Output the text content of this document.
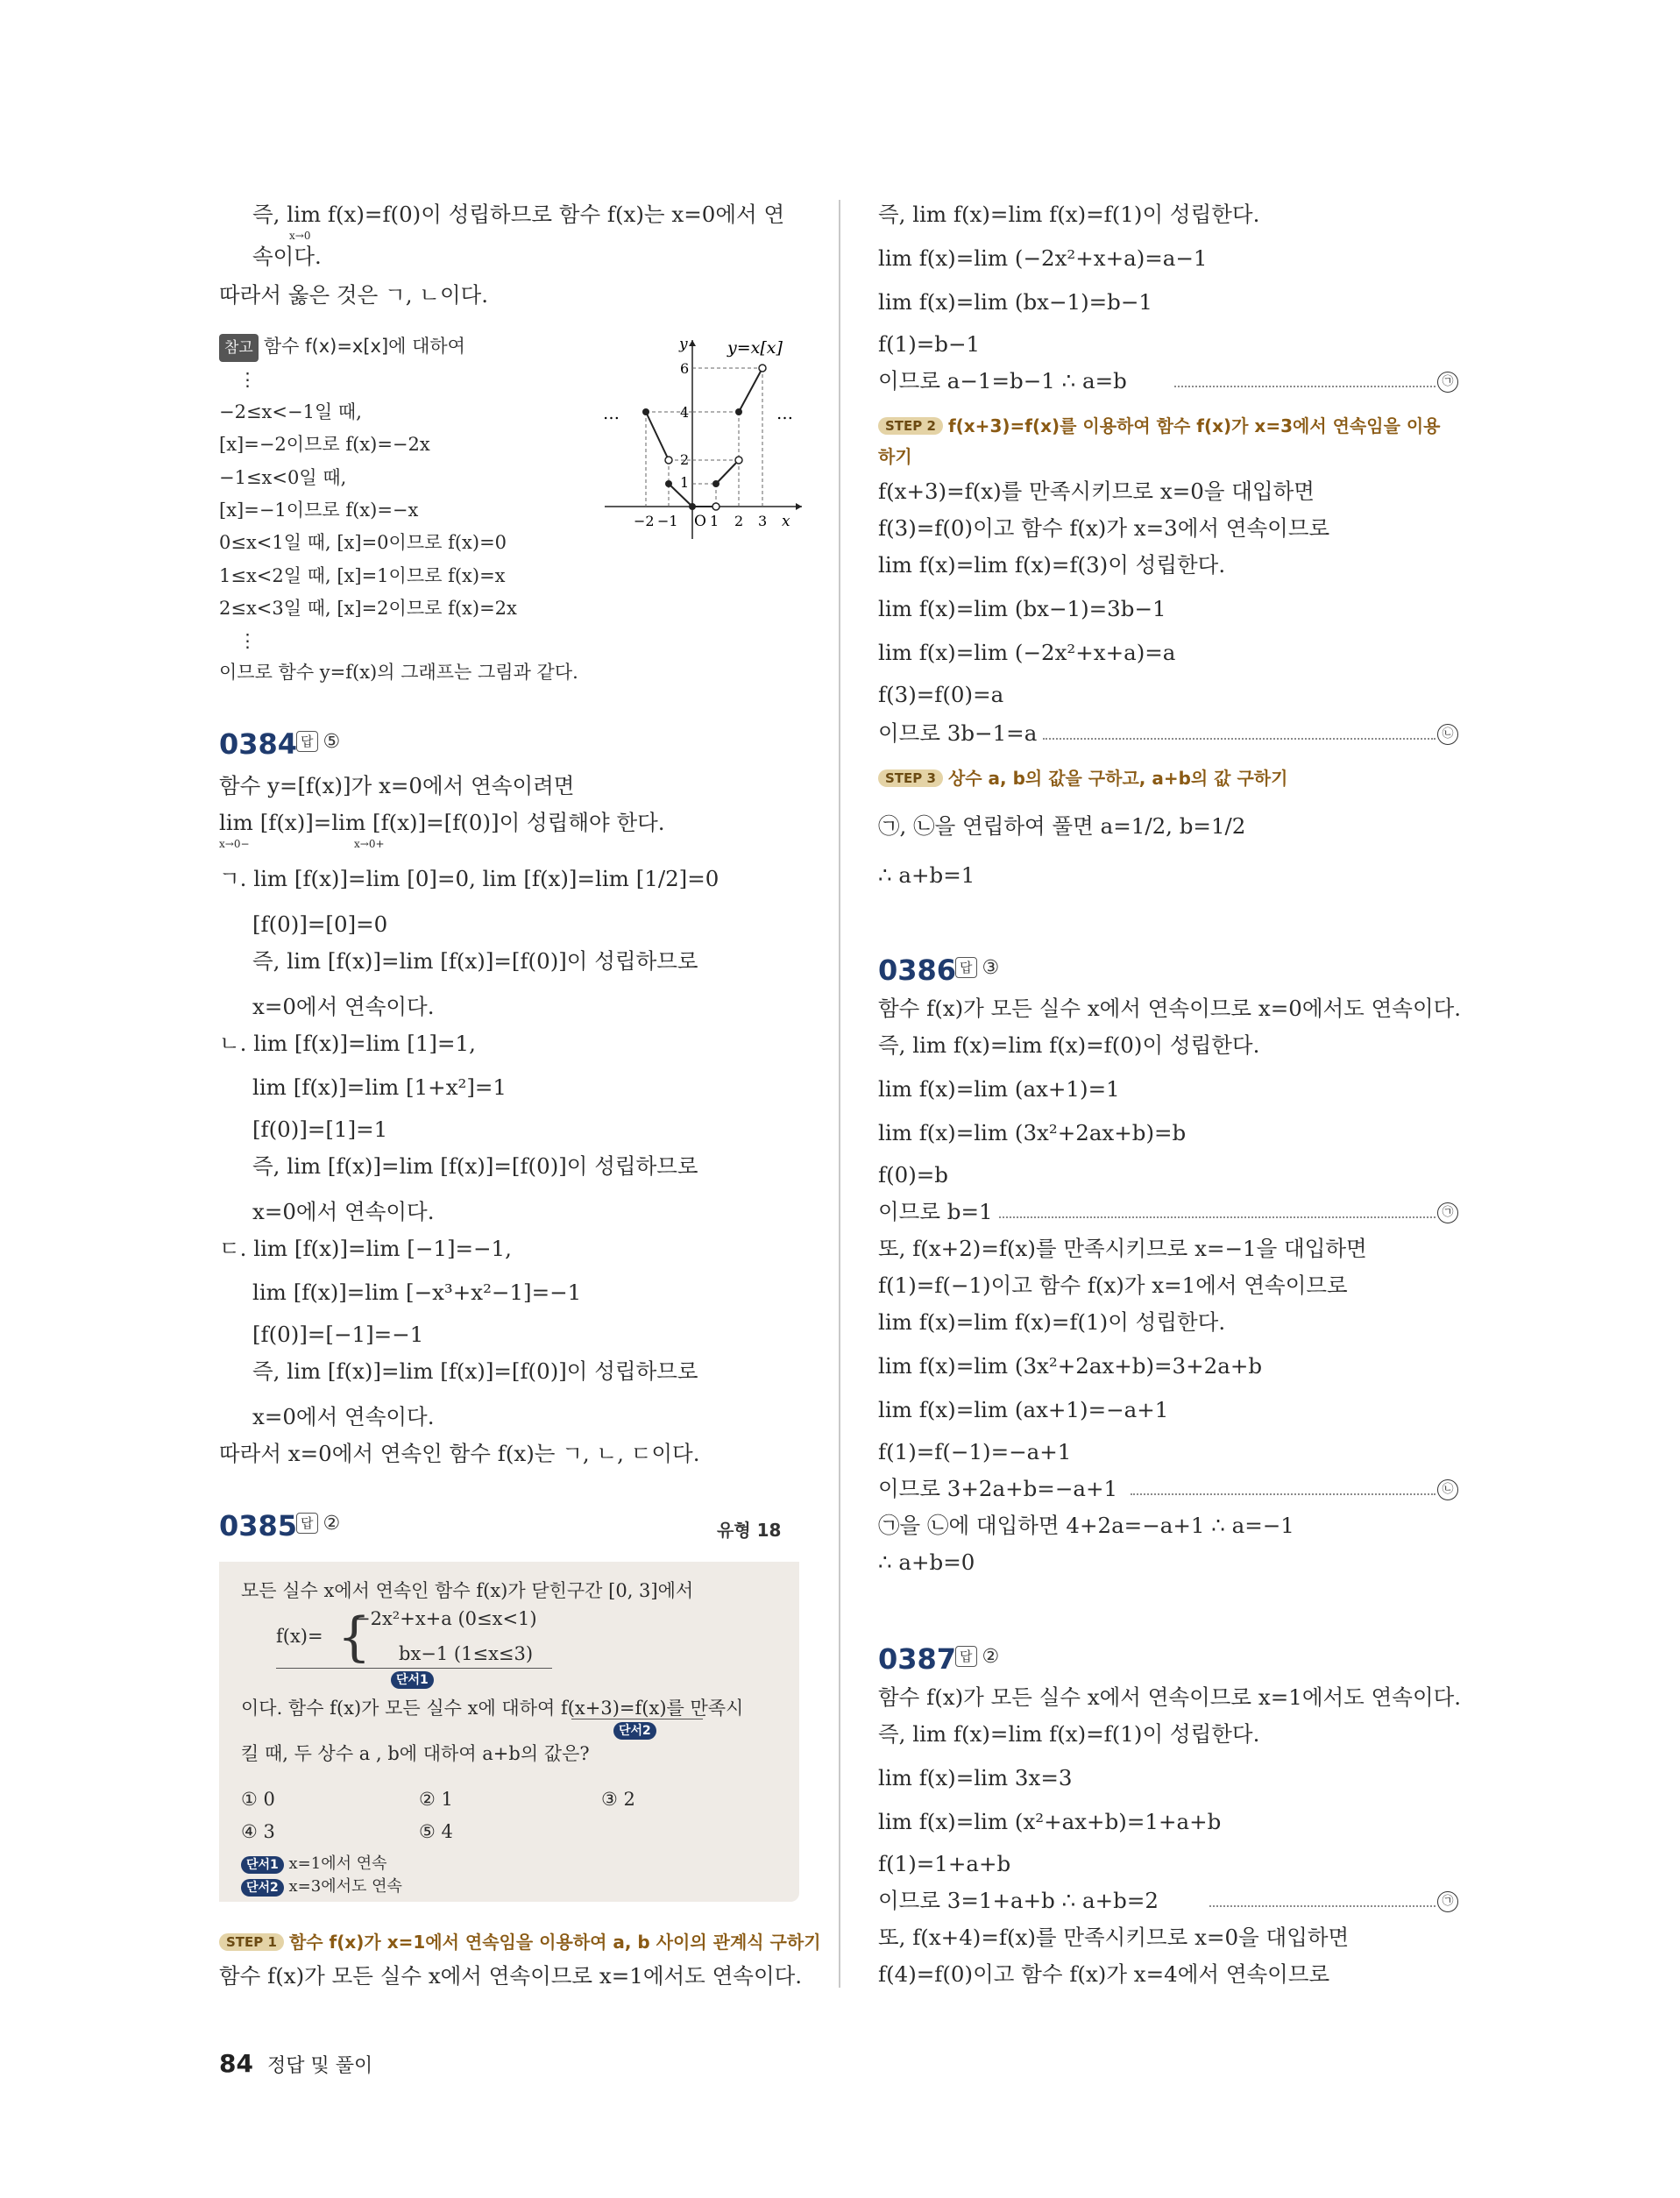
즉, lim f(x)=f(0)이 성립하므로 함수 f(x)는 x=0에서 연
x→0
속이다.
따라서 옳은 것은 ㄱ, ㄴ이다.
참고 함수 f(x)=x[x]에 대하여
⋮
−2≤x<−1일 때,
[x]=−2이므로 f(x)=−2x
−1≤x<0일 때,
[x]=−1이므로 f(x)=−x
0≤x<1일 때, [x]=0이므로 f(x)=0
1≤x<2일 때, [x]=1이므로 f(x)=x
2≤x<3일 때, [x]=2이므로 f(x)=2x
⋮
이므로 함수 y=f(x)의 그래프는 그림과 같다.
y=x[x]
y
x
O
…	…
−2 −1 1 2 3
6
4
2
1
0384 답 ⑤
함수 y=[f(x)]가 x=0에서 연속이려면
lim [f(x)]=lim [f(x)]=[f(0)]이 성립해야 한다.
x→0−	x→0+
ㄱ. lim [f(x)]=lim [0]=0, lim [f(x)]=lim [1/2]=0
[f(0)]=[0]=0
즉, lim [f(x)]=lim [f(x)]=[f(0)]이 성립하므로
x=0에서 연속이다.
ㄴ. lim [f(x)]=lim [1]=1,
lim [f(x)]=lim [1+x²]=1
[f(0)]=[1]=1
즉, lim [f(x)]=lim [f(x)]=[f(0)]이 성립하므로
x=0에서 연속이다.
ㄷ. lim [f(x)]=lim [−1]=−1,
lim [f(x)]=lim [−x³+x²−1]=−1
[f(0)]=[−1]=−1
즉, lim [f(x)]=lim [f(x)]=[f(0)]이 성립하므로
x=0에서 연속이다.
따라서 x=0에서 연속인 함수 f(x)는 ㄱ, ㄴ, ㄷ이다.
0385 답 ②	유형 18
모든 실수 x에서 연속인 함수 f(x)가 닫힌구간 [0, 3]에서
f(x)= {
−2x²+x+a (0≤x<1)
bx−1 (1≤x≤3)
단서1
이다. 함수 f(x)가 모든 실수 x에 대하여 f(x+3)=f(x)를 만족시
단서2
킬 때, 두 상수 a , b에 대하여 a+b의 값은?
① 0	② 1	③ 2
④ 3	⑤ 4
단서1 x=1에서 연속
단서2 x=3에서도 연속
STEP 1 함수 f(x)가 x=1에서 연속임을 이용하여 a, b 사이의 관계식 구하기
함수 f(x)가 모든 실수 x에서 연속이므로 x=1에서도 연속이다.
즉, lim f(x)=lim f(x)=f(1)이 성립한다.
lim f(x)=lim (−2x²+x+a)=a−1
lim f(x)=lim (bx−1)=b−1
f(1)=b−1
이므로 a−1=b−1 ∴ a=b	㉠
STEP 2 f(x+3)=f(x)를 이용하여 함수 f(x)가 x=3에서 연속임을 이용
하기
f(x+3)=f(x)를 만족시키므로 x=0을 대입하면
f(3)=f(0)이고 함수 f(x)가 x=3에서 연속이므로
lim f(x)=lim f(x)=f(3)이 성립한다.
lim f(x)=lim (bx−1)=3b−1
lim f(x)=lim (−2x²+x+a)=a
f(3)=f(0)=a
이므로 3b−1=a	㉡
STEP 3 상수 a, b의 값을 구하고, a+b의 값 구하기
㉠, ㉡을 연립하여 풀면 a=1/2, b=1/2
∴ a+b=1
0386 답 ③
함수 f(x)가 모든 실수 x에서 연속이므로 x=0에서도 연속이다.
즉, lim f(x)=lim f(x)=f(0)이 성립한다.
lim f(x)=lim (ax+1)=1
lim f(x)=lim (3x²+2ax+b)=b
f(0)=b
이므로 b=1	㉠
또, f(x+2)=f(x)를 만족시키므로 x=−1을 대입하면
f(1)=f(−1)이고 함수 f(x)가 x=1에서 연속이므로
lim f(x)=lim f(x)=f(1)이 성립한다.
lim f(x)=lim (3x²+2ax+b)=3+2a+b
lim f(x)=lim (ax+1)=−a+1
f(1)=f(−1)=−a+1
이므로 3+2a+b=−a+1	㉡
㉠을 ㉡에 대입하면 4+2a=−a+1 ∴ a=−1
∴ a+b=0
0387 답 ②
함수 f(x)가 모든 실수 x에서 연속이므로 x=1에서도 연속이다.
즉, lim f(x)=lim f(x)=f(1)이 성립한다.
lim f(x)=lim 3x=3
lim f(x)=lim (x²+ax+b)=1+a+b
f(1)=1+a+b
이므로 3=1+a+b ∴ a+b=2	㉠
또, f(x+4)=f(x)를 만족시키므로 x=0을 대입하면
f(4)=f(0)이고 함수 f(x)가 x=4에서 연속이므로
84 정답 및 풀이
